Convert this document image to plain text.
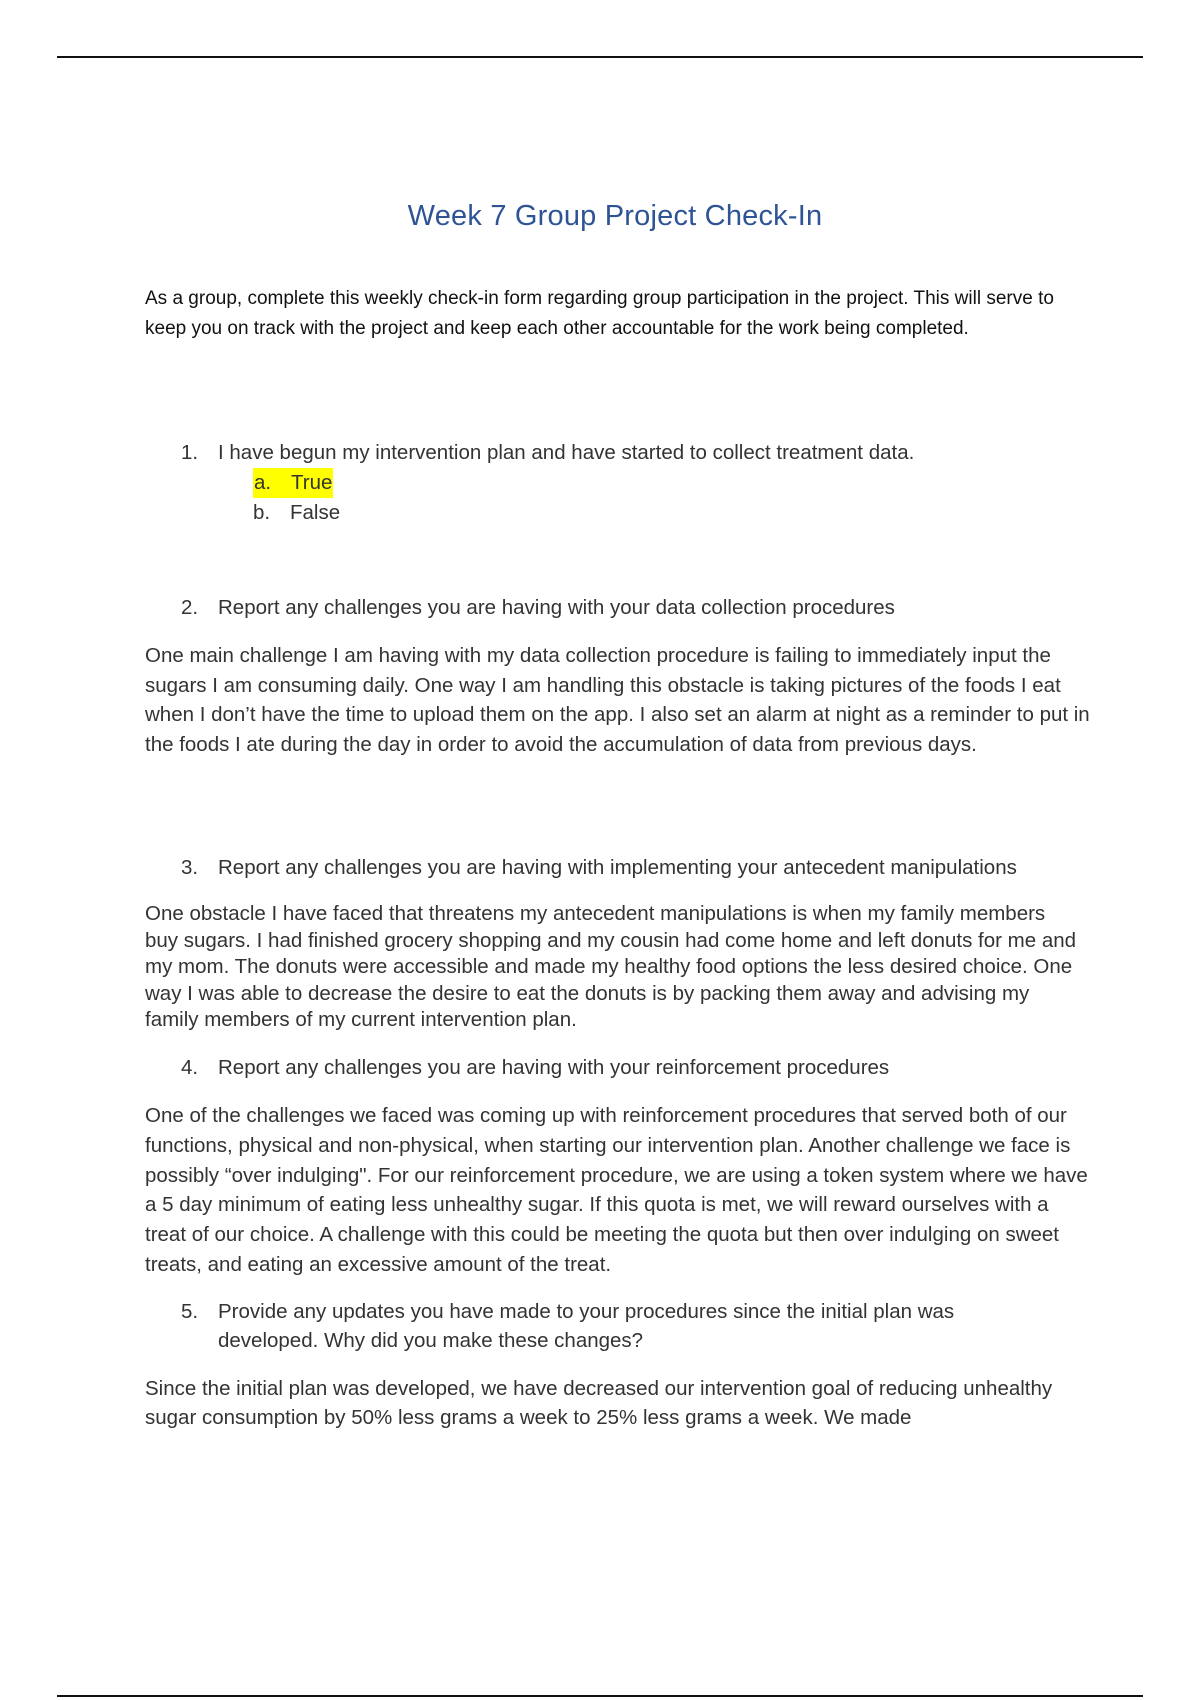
Week 7 Group Project Check-In
As a group, complete this weekly check-in form regarding group participation in the project. This will serve to keep you on track with the project and keep each other accountable for the work being completed.
1. I have begun my intervention plan and have started to collect treatment data.
a. True
b. False
2. Report any challenges you are having with your data collection procedures
One main challenge I am having with my data collection procedure is failing to immediately input the sugars I am consuming daily. One way I am handling this obstacle is taking pictures of the foods I eat when I don’t have the time to upload them on the app. I also set an alarm at night as a reminder to put in the foods I ate during the day in order to avoid the accumulation of data from previous days.
3. Report any challenges you are having with implementing your antecedent manipulations
One obstacle I have faced that threatens my antecedent manipulations is when my family members buy sugars. I had finished grocery shopping and my cousin had come home and left donuts for me and my mom. The donuts were accessible and made my healthy food options the less desired choice. One way I was able to decrease the desire to eat the donuts is by packing them away and advising my family members of my current intervention plan.
4. Report any challenges you are having with your reinforcement procedures
One of the challenges we faced was coming up with reinforcement procedures that served both of our functions, physical and non-physical, when starting our intervention plan. Another challenge we face is possibly “over indulging". For our reinforcement procedure, we are using a token system where we have a 5 day minimum of eating less unhealthy sugar. If this quota is met, we will reward ourselves with a treat of our choice. A challenge with this could be meeting the quota but then over indulging on sweet treats, and eating an excessive amount of the treat.
5. Provide any updates you have made to your procedures since the initial plan was developed. Why did you make these changes?
Since the initial plan was developed, we have decreased our intervention goal of reducing unhealthy sugar consumption by 50% less grams a week to 25% less grams a week. We made
